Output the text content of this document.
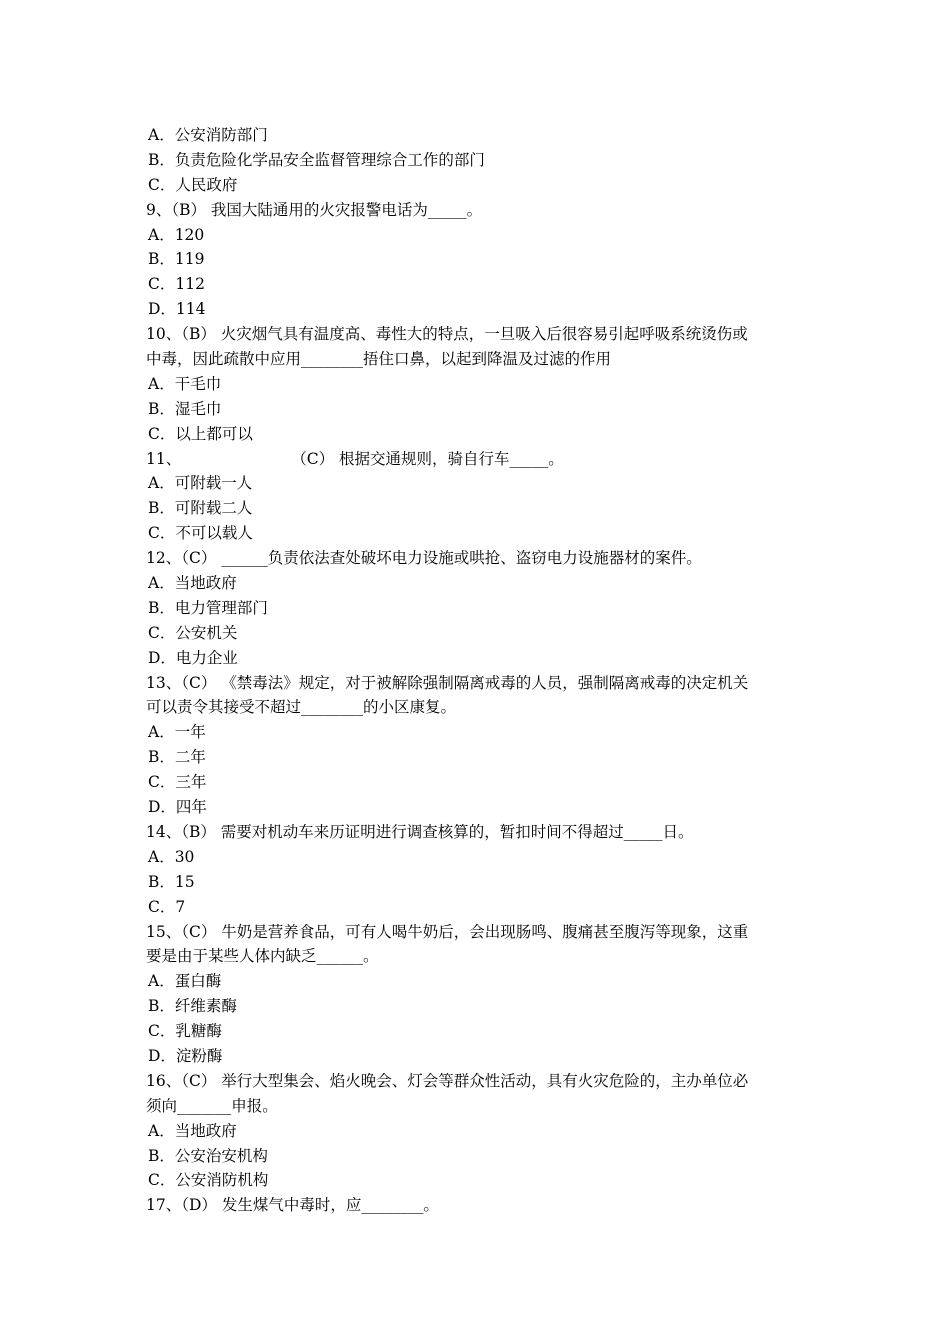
A．公安消防部门
B．负责危险化学品安全监督管理综合工作的部门
C．人民政府
9、（B） 我国大陆通用的火灾报警电话为_____。
A．120
B．119
C．112
D．114
10、（B） 火灾烟气具有温度高、毒性大的特点，一旦吸入后很容易引起呼吸系统烫伤或
中毒，因此疏散中应用________捂住口鼻，以起到降温及过滤的作用
A．干毛巾
B．湿毛巾
C．以上都可以
11、	（C） 根据交通规则，骑自行车_____。
A．可附载一人
B．可附载二人
C．不可以载人
12、（C） ______负责依法查处破坏电力设施或哄抢、盗窃电力设施器材的案件。
A．当地政府
B．电力管理部门
C．公安机关
D．电力企业
13、（C） 《禁毒法》规定，对于被解除强制隔离戒毒的人员，强制隔离戒毒的决定机关
可以责令其接受不超过________的小区康复。
A．一年
B．二年
C．三年
D．四年
14、（B） 需要对机动车来历证明进行调查核算的，暂扣时间不得超过_____日。
A．30
B．15
C．7
15、（C） 牛奶是营养食品，可有人喝牛奶后，会出现肠鸣、腹痛甚至腹泻等现象，这重
要是由于某些人体内缺乏______。
A．蛋白酶
B．纤维素酶
C．乳糖酶
D．淀粉酶
16、（C） 举行大型集会、焰火晚会、灯会等群众性活动，具有火灾危险的，主办单位必
须向_______申报。
A．当地政府
B．公安治安机构
C．公安消防机构
17、（D） 发生煤气中毒时，应________。
